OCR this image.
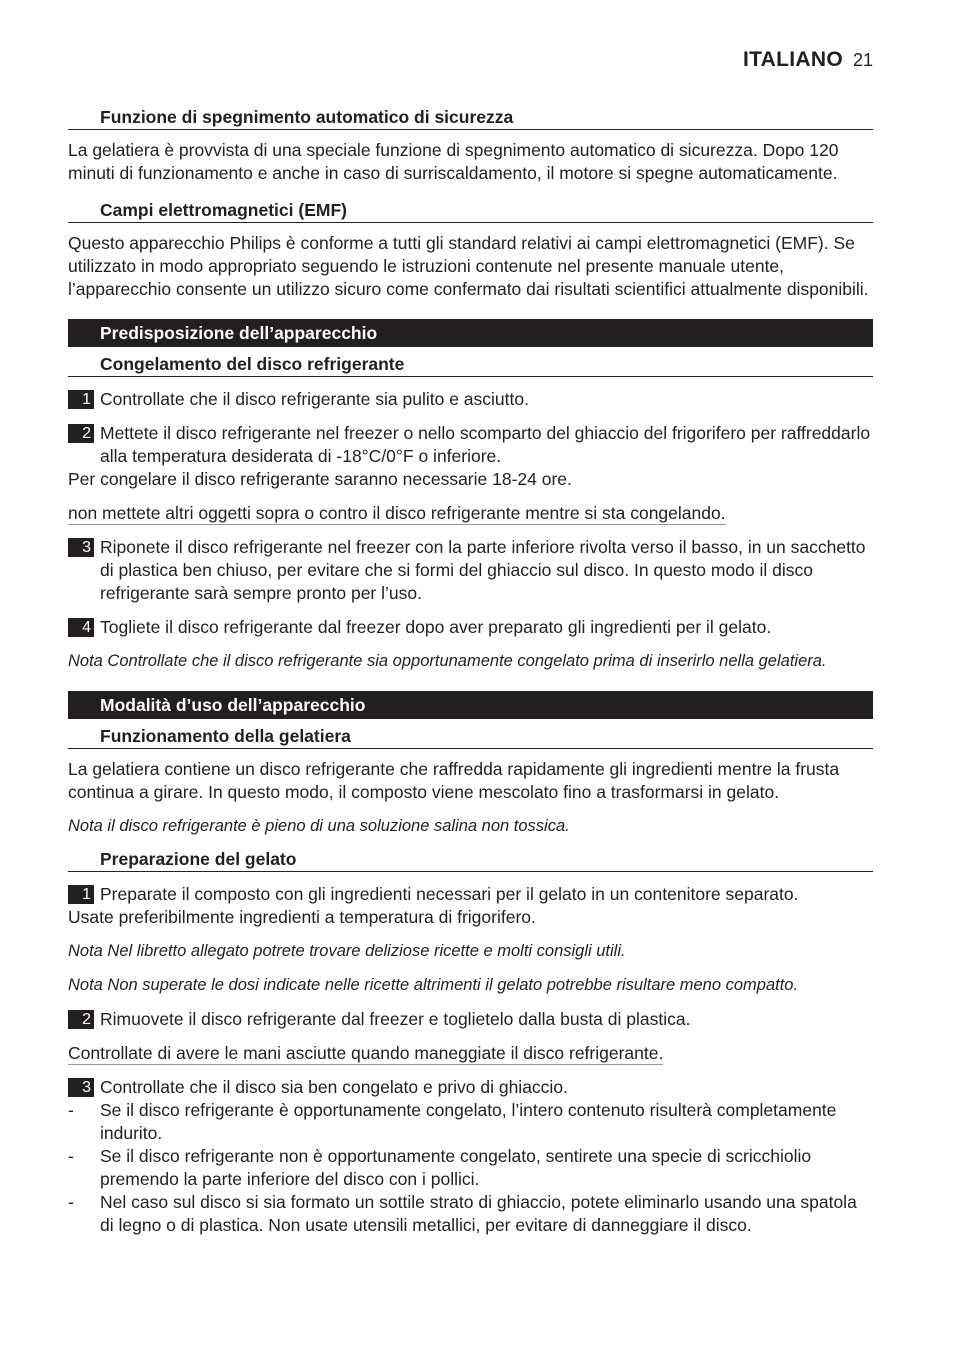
ITALIANO 21
Funzione di spegnimento automatico di sicurezza

La gelatiera è provvista di una speciale funzione di spegnimento automatico di sicurezza. Dopo 120 minuti di funzionamento e anche in caso di surriscaldamento, il motore si spegne automaticamente.

Campi elettromagnetici (EMF)

Questo apparecchio Philips è conforme a tutti gli standard relativi ai campi elettromagnetici (EMF). Se utilizzato in modo appropriato seguendo le istruzioni contenute nel presente manuale utente, l’apparecchio consente un utilizzo sicuro come confermato dai risultati scientifici attualmente disponibili.

Predisposizione dell’apparecchio
Congelamento del disco refrigerante
1 Controllate che il disco refrigerante sia pulito e asciutto.
2 Mettete il disco refrigerante nel freezer o nello scomparto del ghiaccio del frigorifero per raffreddarlo alla temperatura desiderata di -18°C/0°F o inferiore.

Per congelare il disco refrigerante saranno necessarie 18-24 ore.

non mettete altri oggetti sopra o contro il disco refrigerante mentre si sta congelando.
3 Riponete il disco refrigerante nel freezer con la parte inferiore rivolta verso il basso, in un sacchetto di plastica ben chiuso, per evitare che si formi del ghiaccio sul disco. In questo modo il disco refrigerante sarà sempre pronto per l’uso.
4 Togliete il disco refrigerante dal freezer dopo aver preparato gli ingredienti per il gelato.

Nota Controllate che il disco refrigerante sia opportunamente congelato prima di inserirlo nella gelatiera.

Modalità d’uso dell’apparecchio
Funzionamento della gelatiera

La gelatiera contiene un disco refrigerante che raffredda rapidamente gli ingredienti mentre la frusta continua a girare. In questo modo, il composto viene mescolato fino a trasformarsi in gelato.

Nota il disco refrigerante è pieno di una soluzione salina non tossica.

Preparazione del gelato
1 Preparate il composto con gli ingredienti necessari per il gelato in un contenitore separato.

Usate preferibilmente ingredienti a temperatura di frigorifero.

Nota Nel libretto allegato potrete trovare deliziose ricette e molti consigli utili.

Nota Non superate le dosi indicate nelle ricette altrimenti il gelato potrebbe risultare meno compatto.

2 Rimuovete il disco refrigerante dal freezer e toglietelo dalla busta di plastica.
Controllate di avere le mani asciutte quando maneggiate il disco refrigerante.
3 Controllate che il disco sia ben congelato e privo di ghiaccio.
- Se il disco refrigerante è opportunamente congelato, l’intero contenuto risulterà completamente indurito.
- Se il disco refrigerante non è opportunamente congelato, sentirete una specie di scricchiolio premendo la parte inferiore del disco con i pollici.
- Nel caso sul disco si sia formato un sottile strato di ghiaccio, potete eliminarlo usando una spatola di legno o di plastica. Non usate utensili metallici, per evitare di danneggiare il disco.
